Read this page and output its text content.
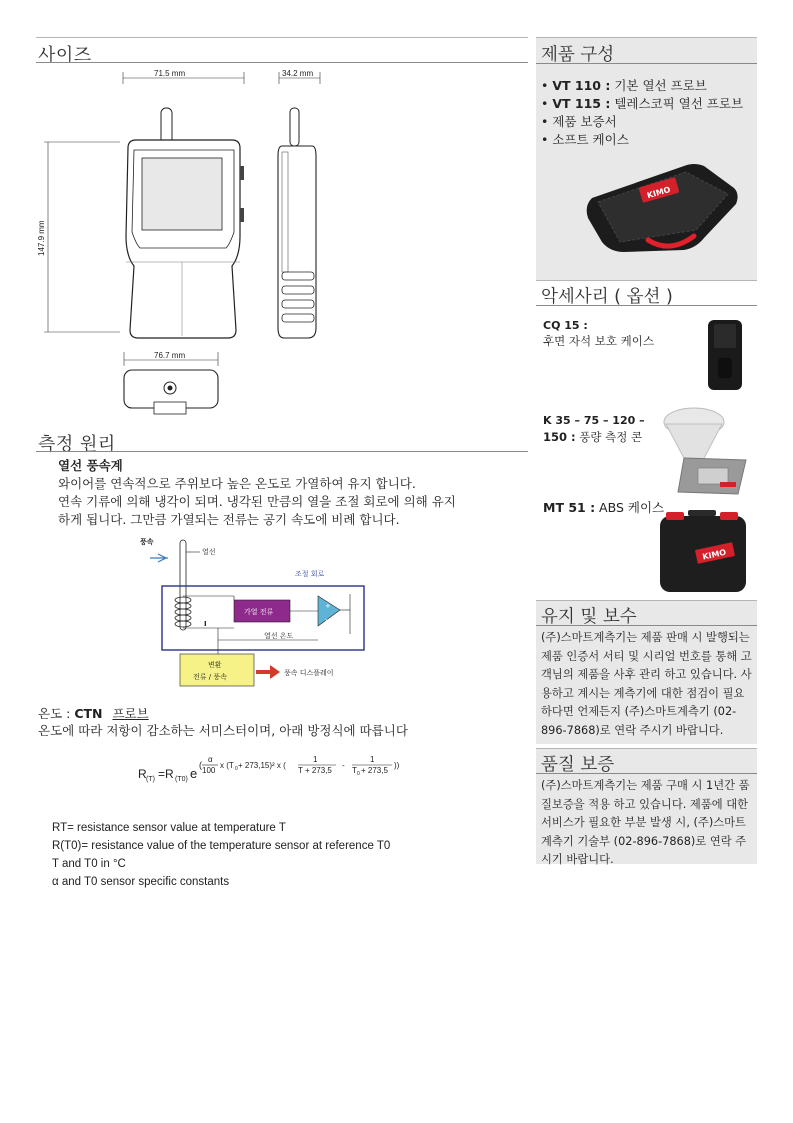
사이즈
71.5 mm	34.2 mm
147.9 mm
76.7 mm
측정 원리
열선 풍속계
와이어를 연속적으로 주위보다 높은 온도로 가열하여 유지 합니다.
연속 기류에 의해 냉각이 되며. 냉각된 만큼의 열을 조절 회로에 의해 유지
하게 됩니다. 그만큼 가열되는 전류는 공기 속도에 비례 합니다.
풍속
열선
조절 회로
가열 전류
+
-
I
열선 온도
변환
전류 / 풍속	풍속 디스플레이
온도 : CTN 프로브
온도에 따라 저항이 감소하는 서미스터이며, 아래 방정식에 따릅니다
R (T) =R (T0) e
(
α
100
x (T 0 + 273,15)² x (
1
T + 273,5
-
1
T 0 + 273,5
))
RT= resistance sensor value at temperature T
R(T0)= resistance value of the temperature sensor at reference T0
T and T0 in °C
α and T0 sensor specific constants
제품 구성
• VT 110 : 기본 열선 프로브
• VT 115 : 텔레스코픽 열선 프로브
• 제품 보증서
• 소프트 케이스
KIMO
악세사리 ( 옵션 )
CQ 15 :
후면 자석 보호 케이스
K 35 – 75 – 120 –
150 : 풍량 측정 콘
MT 51 : ABS 케이스
KIMO
유지 및 보수
(주)스마트계측기는 제품 판매 시 발행되는 제품 인증서 서티 및 시리얼 번호를 통해 고객님의 제품을 사후 관리 하고 있습니다. 사용하고 계시는 계측기에 대한 점검이 필요하다면 언제든지 (주)스마트계측기 (02-896-7868)로 연락 주시기 바랍니다.
품질 보증
(주)스마트계측기는 제품 구매 시 1년간 품질보증을 적용 하고 있습니다. 제품에 대한 서비스가 필요한 부분 발생 시, (주)스마트계측기 기술부 (02-896-7868)로 연락 주시기 바랍니다.
